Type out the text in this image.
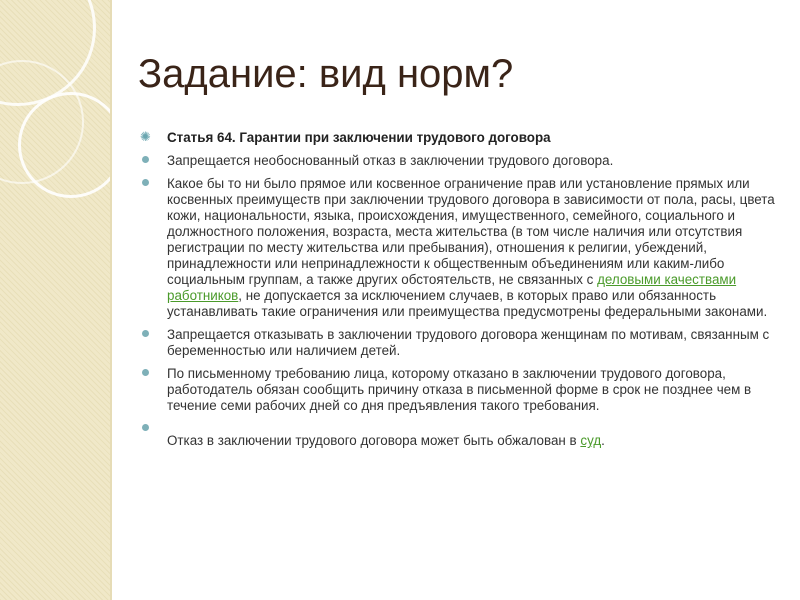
Задание: вид норм?
✺ Статья 64. Гарантии при заключении трудового договора
Запрещается необоснованный отказ в заключении трудового договора.
Какое бы то ни было прямое или косвенное ограничение прав или установление прямых или косвенных преимуществ при заключении трудового договора в зависимости от пола, расы, цвета кожи, национальности, языка, происхождения, имущественного, семейного, социального и должностного положения, возраста, места жительства (в том числе наличия или отсутствия регистрации по месту жительства или пребывания), отношения к религии, убеждений, принадлежности или непринадлежности к общественным объединениям или каким-либо социальным группам, а также других обстоятельств, не связанных с деловыми качествами работников, не допускается за исключением случаев, в которых право или обязанность устанавливать такие ограничения или преимущества предусмотрены федеральными законами.
Запрещается отказывать в заключении трудового договора женщинам по мотивам, связанным с беременностью или наличием детей.
По письменному требованию лица, которому отказано в заключении трудового договора, работодатель обязан сообщить причину отказа в письменной форме в срок не позднее чем в течение семи рабочих дней со дня предъявления такого требования.
Отказ в заключении трудового договора может быть обжалован в суд.
